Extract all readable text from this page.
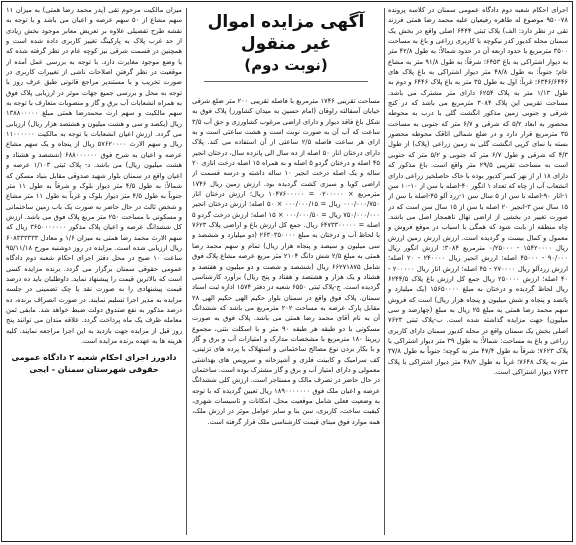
اجرای احکام شعبه دوم دادگاه عمومی سمنان در کلاسه پرونده ۹۵۰۰۷۸ موضوع له طاهره رفیعیان علیه محمد رضا همتی فرزند تقی در نظر دارد: الف) پلاک ثبتی ۶۴۴۴ اصلی واقع در بخش یک سمنان محله کدیور کدر نیکوچه با کاربری زراعی و باغ به مساحت ۳۵۰۰ مترمربع با حدود اربعه آن در حدود شمالاً: به طول ۴۲/۸ متر به دیوار اشتراکی به باغ ۶۴۵۳؛ شرقاً: به طول ۹۱/۸ متر به مشاع عام؛ جنوباً: به طول ۴۸/۸ متر دیوار اشتراکی به باغ پلاک های ۶۳۴۶/۶۴۴۶؛ غرباً: اول به طول ۳۵ متر به باغ پلاک ۶۴۴۶ و دوم به طول ۱/۱۳ متر به پلاک ۶۲۵۴ دارای متر مشترک می باشد. مساحت تقریبی این پلاک ۳۰۸۴ مترمربع می باشد که در کنج شرقی و جنوبی زمین مذکور انگشت گلی با درب به محوطه محصور به ابعاد ۵/۲ که شرقی و ۶/۷ متر که جنوبی به مساحت ۳۵ مترمربع قرار دارد و در ضلع شمالی اتاقک محوطه محصور بسته با نمای کرپی انگشت گلی به زمین زراعی (پلاک) از طول ۴/۳ که شرقی و طول ۶/۷ متر که جنوبی و ۵/۲ متر که جنوبی است به مساحت تقریبی ۲۹/۵ متر واقع است. باغ مذکور که دارای ۱۸ ار از نهر کسر کدیور بوده با خاک حاصلخیز زراعی دارای انشعاب آب از چاه که تعداد ۱ انگور ۴۰-اصله با سن از ۱۰-۱۰ سن ۱-انار ۹۰-اصله با سن از ۵ سال سن ۱-زرد آلو ۴۵-اصله با سن از ۱۵ سال سن ۳-انجیر ۲۰ اصله با سن از ۱۵ سال سن است که در صورت تغییر در بخشی از اراضی نهال ناهمجار اصل می باشد. چاه منطقه از بابت شود که همگی با اسباب در موقع فروش و معمول و کمال بیست و گردیده است. ارزش ارزش زمین ارزش ریال ۱۵۴۲۰۰۰۰ - ۰/۲۵۰۰۰ مترمربع ۳۰۸۴؛ ارزش انگور ریال ۹۰/۰۰۰ - ۴۵۰۰۰ اصله؛ ارزش انجیر ریال ۲۴۰۰۰۰ - ۲۰ اصله؛ ارزش زردآلو ریال ۲۷۰۰۰۰ - ۴۵ اصله؛ ارزش انار ریال ۲۰۰۰۰۰ - ۴۰ اصله؛ ارزش ۲۵۰۰۰۰ ریال جمع کل ارزش باغ پلاک ۶۲۴۴/۵ ریال لحاظ گردیده و درختان به مبلغ ۱۵۶۵۰۰۰۰ (یک میلیارد و پانصد و پنجاه و شش میلیون و پنجاه هزار ریال) است که فروش سهم محمد رضا همتی به مبلغ ۲۵ ریال به مبلغ (چهارصد و سی میلیون) جهت مزایده گذاشته شده است. ب-پلاک ثبتی ۷۶۲۳ اصلی بخش یک سمنان واقع در محله کدیور سمنان دارای کاربری زراعی و باغ به مساحت: شمالاً: به طول ۳۹ متر دیوار اشتراکی با پلاک ۷۶۲۳؛ شرقاً به طول ۴۷/۴ متر به کوچه؛ جنوباً به طول ۳۷/۸ متر به پلاک ۷۶۴۸؛ غرباً به طول ۴۸/۲ متر دیوار اشتراکی با پلاک ۷۶۳۳ دیوار اشتراکی است.

آگهی مزایده اموال غیر منقول
(نوبت دوم)

مساحت تقریبی ۱۷۴۶ مترمربع با فاصله تقریبی ۲۰۰ متر ضلع شرقی خیابان آسفالته راوقان (امام حسین به میدان کشاورز) پلاک فوق به شکل باغ فاقد دیوار و دارای اراضی مرغوب کشاورزی و حق آب ۳/۵ ساعت که آب آن به صورت نوبت است و هشت ساعتی است و به ازای هر ساعت فاصله ۲/۵ ساعتی از آن استفاده می کند. پلاک دارای درختان انار ۵۰ اصله از ده سال الی پانزده سال، درختان انجیر ۴۵ اصله و درختان گردو ۵ اصله و به همراه ۱۵ اصله درخت اناری ۲۰ ساله و یک اصله درخت انجیر ۱۰ ساله داشته و درسه قسمت از اراضی کویا و سبزی کشت گردیده بود. ارزش زمین ریال ۱۷۴۶ مترمربع × ۰۲۰۰۰۰۰ = ۱۰۴۷۶۰۰۰۰۰ ریال؛ ارزش درختان انار ۰۰۰/۰۰۰/۷۵۰ ریال = ۰۰۰/۰۰۰/۱۵ × ۵۰ اصله؛ ارزش درختان انجیر ۷۵۰/۰۰۰/۰۰۰ ریال = ۰۰۰/۰۰۰/۵۰ × ۱۵ اصله؛ ارزش درخت گردو ۵ اصله = ۶۴۷۳۳۰۰۰۰۰ ریال. جمع کل ارزش باغ و اراضی پلاک ۷۶۲۳ با لحاظ آب و درختان به مبلغ ۲۶۳۰۳۵۰۰۰۰ (دو میلیارد و ششصد و سی میلیون و سیصد و پنجاه هزار ریال) تمام و سهم محمد رضا همتی به مبلغ ۲/۵ شش دانگ ۲۱۰۴ متر مربع عرصه مشاع پلاک فوق شامل ۶۶۲۷۱۸۷۵ ریال (ششصد و شصت و دو میلیون و هفتصد و هشتاد و یک هزار و هشتصد و هفتاد و پنج ریال) برآورد کارشناسی گردیده است. ج-پلاک ثبتی ۶۵۵۰ شعبه در دفتر ۱۵۷۴ اداره ثبت اسناد سمنان. پلاک فوق واقع در سمنان بلوار حکیم الهی حکیم الهی ۲۸ مقابل پارک عرصه به مساحت ۲۰۲ مترمربع می باشد که ششدانگ آن به نام آقای محمد رضا همتی می باشد. پلاک فوق به صورت مسکونی با دو طبقه هر طبقه ۹۰ متر و با اسکلت بتنی، مجموع زیربنا ۱۸۰ مترمربع با مشخصات مدارک و امتیازات آب و برق و گاز و با بکار بردن نوع مصالح ساختمانی و استهلاک با پرده های تزئینی، کف سرامیک و کابینت فلزی و آشپزخانه و سرویس های بهداشتی معمولی و دارای امتیاز آب و برق و گاز مشترک بوده است. ساختمان در حال حاضر در تصرف مالک و مستاجر است. ارزش کلی ششدانگ عرصه و اعیان ملک فوق ۱۸۹۰۰۰۰۰۰۰ ریال تعیین گردیده که با توجه به وضعیت فعلی شامل موقعیت محل، امکانات و تاسیسات شهری، کیفیت ساخت، کاربری، سن بنا و سایر عوامل موثر در ارزش ملک، همه موارد فوق مبنای قیمت کارشناسی ملک قرار گرفته است.

میزان مالکیت مرحوم تقی (پدر محمد رضا همتی) به میزان ۱۱ سهم مشاع از ۵۰ سهم عرصه و اعیان می باشد و با توجه به نقشه طرح تفصیلی علاوه بر تعریض معابر موجود بخش زیادی از حد غرب پلاک به پارکینگ تغییر کاربری داده شده است و همچنین در قسمت شرقی نیز کوچه عام در نظر گرفته شده که با وضع موجود مغایرت دارد. با توجه به بررسی عمل آمده از موقعیت در نظر گرفتن اصلاحات ناشی از تغییرات کاربری در صورت تخریب و با مستندیر مراجع قانونی طبق عرف روز با توجه به محل و بررسی جمیع جهات موثر در ارزیابی پلاک فوق به همراه انشعابات آب برق و گاز و منصوبات متعارف با توجه به سهم مالکیت و سهم ارث محمدرضا همتی مبلغ ۱۳۸۸۰۰۰۰۰ ریال (یکصد و سی و هشت میلیون و هشتصد هزار ریال) ارزیابی می گردد. ارزش اعیان انشعابات با توجه به مالکیت ۱۱۰۰۰۰۰۰ ریال و سهم الارث ۵۷۶۲۰۰۰۰ ریال از پنجاه و یک سهم مشاع عرصه و اعیان به شرح فوق ۶۸۸۰۰۰۰۰۰ (ششصد و هشتاد و هشت میلیون ریال) می باشد. د- پلاک ثبتی ۱/۱۰۳ عرصه و اعیان واقع در سمنان بلوار شهید صدوقی مقابل بنیاد مسکن که شمالاً: به طول ۴/۵ متر دیوار بلوک و شرقاً به طول ۱۱ متر جنوباً به طول ۴/۵ متر دیوار بلوک و غرباً به طول ۱۱ متر مشاع و شخص ثالث در حال حاضر به صورت یک باب زمین ساختمانی و مسکونی با مساحت ۲۵۰ متر مربع پلاک فوق می باشد. ارزش کل ششدانگ عرصه و اعیان پلاک مذکور ۳۶۵۰۰۰۰۰۰۰ ریال که سهم الارث محمد رضا همتی به میزان ۱/۶ و معادل ۶۰۸۳۳۳۳۳۳ ریال ارزیابی شده است. مزایده در روز دوشنبه مورخ ۹۵/۱۱/۱۸ ساعت ۱۰ صبح در محل دفتر اجرای احکام شعبه دوم دادگاه عمومی حقوقی سمنان برگزار می گردد. برنده مزایده کسی است که بالاترین قیمت را پیشنهاد نماید. داوطلبان باید ده درصد قیمت پیشنهادی را به صورت نقد یا چک تضمینی در جلسه مزایده به مدیر اجرا تسلیم نمایند. در صورت انصراف برنده، ده درصد مذکور به نفع صندوق دولت ضبط خواهد شد. مابقی ثمن معامله ظرف یک ماه پرداخت گردد. علاقه مندان می توانند پنج روز قبل از مزایده جهت بازدید به این اجرا مراجعه نمایند. کلیه هزینه ها به عهده برنده مزایده است.

دادورز اجرای احکام شعبه ۲ دادگاه عمومی حقوقی شهرستان سمنان - ایجی
